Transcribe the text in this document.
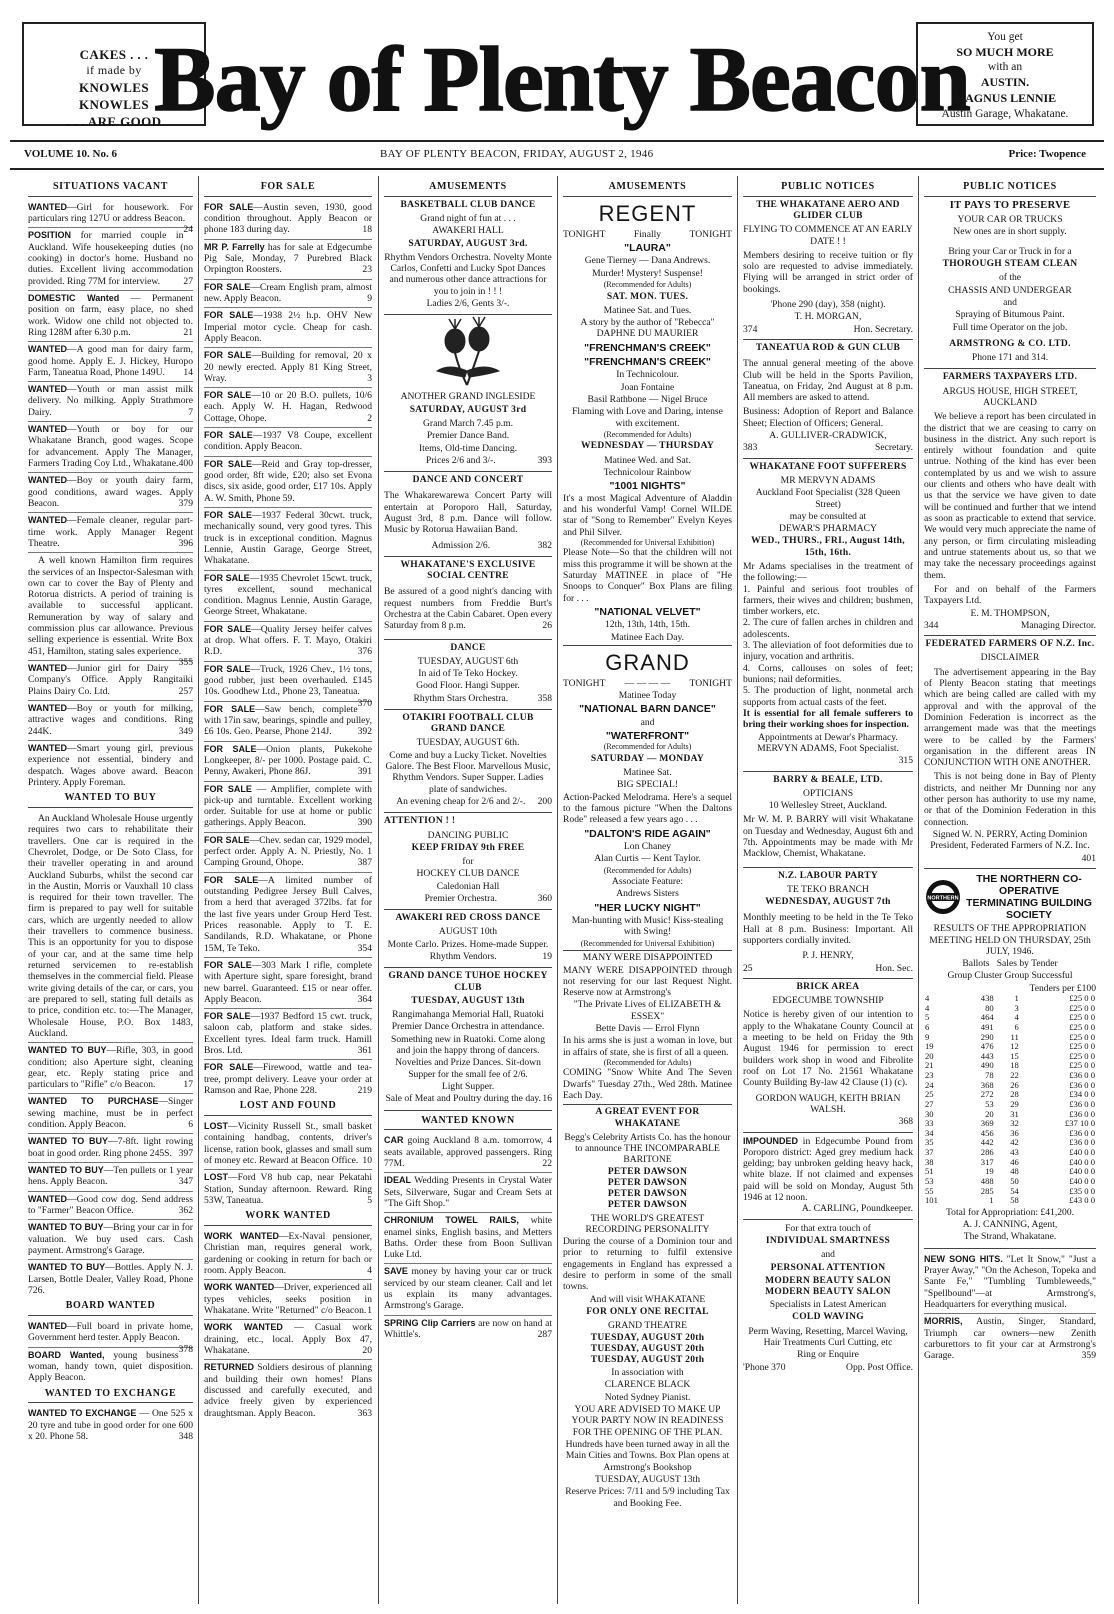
CAKES . . .
if made by
KNOWLES
KNOWLES
. . . ARE GOOD
Bay of Plenty Beacon	You get
SO MUCH MORE
with an
AUSTIN.
MAGNUS LENNIE
Austin Garage, Whakatane.
VOLUME 10. No. 6	BAY OF PLENTY BEACON, FRIDAY, AUGUST 2, 1946	Price: Twopence
SITUATIONS VACANT
WANTED—Girl for housework. For particulars ring 127U or address Beacon.
24
POSITION for married couple in Auckland. Wife housekeeping duties (no cooking) in doctor's home. Husband no duties. Excellent living accommodation provided. Ring 77M for interview. 27
DOMESTIC Wanted — Permanent position on farm, easy place, no shed work. Widow one child not objected to. Ring 128M after 6.30 p.m.	21
WANTED—A good man for dairy farm, good home. Apply E. J. Hickey, Huropo Farm, Taneatua Road, Phone 149U. 14
WANTED—Youth or man assist milk delivery. No milking. Apply Strathmore Dairy.	7
WANTED—Youth or boy for our Whakatane Branch, good wages. Scope for advancement. Apply The Manager, Farmers Trading Coy Ltd., Whakatane. 400
WANTED—Boy or youth dairy farm, good conditions, award wages. Apply Beacon.	379
WANTED—Female cleaner, regular part-time work. Apply Manager Regent Theatre.	396
A well known Hamilton firm requires the services of an Inspector-Salesman with own car to cover the Bay of Plenty and Rotorua districts. A period of training is available to successful applicant. Remuneration by way of salary and commission plus car allowance. Previous selling experience is essential. Write Box 451, Hamilton, stating sales experience.
355
WANTED—Junior girl for Dairy Company's Office. Apply Rangitaiki Plains Dairy Co. Ltd.	257
WANTED—Boy or youth for milking, attractive wages and conditions. Ring 244K.	349
WANTED—Smart young girl, previous experience not essential, bindery and despatch. Wages above award. Beacon Printery. Apply Foreman.
WANTED TO BUY
An Auckland Wholesale House urgently requires two cars to rehabilitate their travellers. One car is required in the Chevrolet, Dodge, or De Soto Class, for their traveller operating in and around Auckland Suburbs, whilst the second car in the Austin, Morris or Vauxhall 10 class is required for their town traveller. The firm is prepared to pay well for suitable cars, which are urgently needed to allow their travellers to commence business. This is an opportunity for you to dispose of your car, and at the same time help returned servicemen to re-establish themselves in the commercial field. Please write giving details of the car, or cars, you are prepared to sell, stating full details as to price, condition etc. to:—The Manager, Wholesale House, P.O. Box 1483, Auckland.
WANTED TO BUY—Rifle, 303, in good condition; also Aperture sight, cleaning gear, etc. Reply stating price and particulars to "Rifle" c/o Beacon.	17
WANTED TO PURCHASE—Singer sewing machine, must be in perfect condition. Apply Beacon.	6
WANTED TO BUY—7-8ft. light rowing boat in good order. Ring phone 245S. 397
WANTED TO BUY—Ten pullets or 1 year hens. Apply Beacon.	347
WANTED—Good cow dog. Send address to "Farmer" Beacon Office.	362
WANTED TO BUY—Bring your car in for valuation. We buy used cars. Cash payment. Armstrong's Garage.
WANTED TO BUY—Bottles. Apply N. J. Larsen, Bottle Dealer, Valley Road, Phone 726.
BOARD WANTED
WANTED—Full board in private home, Government herd tester. Apply Beacon.
378
BOARD Wanted, young business woman, handy town, quiet disposition. Apply Beacon.
WANTED TO EXCHANGE
WANTED TO EXCHANGE — One 525 x 20 tyre and tube in good order for one 600 x 20. Phone 58.	348
FOR SALE
FOR SALE—Austin seven, 1930, good condition throughout. Apply Beacon or phone 183 during day.	18
MR P. Farrelly has for sale at Edgecumbe Pig Sale, Monday, 7 Purebred Black Orpington Roosters.	23
FOR SALE—Cream English pram, almost new. Apply Beacon.	9
FOR SALE—1938 2½ h.p. OHV New Imperial motor cycle. Cheap for cash. Apply Beacon.
FOR SALE—Building for removal, 20 x 20 newly erected. Apply 81 King Street, Wray.	3
FOR SALE—10 or 20 B.O. pullets, 10/6 each. Apply W. H. Hagan, Redwood Cottage, Ohope.	2
FOR SALE—1937 V8 Coupe, excellent condition. Apply Beacon.
FOR SALE—Reid and Gray top-dresser, good order, 8ft wide, £20; also set Evona discs, six aside, good order, £17 10s. Apply A. W. Smith, Phone 59.
FOR SALE—1937 Federal 30cwt. truck, mechanically sound, very good tyres. This truck is in exceptional condition. Magnus Lennie, Austin Garage, George Street, Whakatane.
FOR SALE—1935 Chevrolet 15cwt. truck, tyres excellent, sound mechanical condition. Magnus Lennie, Austin Garage, George Street, Whakatane.
FOR SALE—Quality Jersey heifer calves at drop. What offers. F. T. Mayo, Otakiri R.D.	376
FOR SALE—Truck, 1926 Chev., 1½ tons, good rubber, just been overhauled. £145 10s. Goodhew Ltd., Phone 23, Taneatua.
370
FOR SALE—Saw bench, complete with 17in saw, bearings, spindle and pulley, £6 10s. Geo. Pearse, Phone 214J.	392
FOR SALE—Onion plants, Pukekohe Longkeeper, 8/- per 1000. Postage paid. C. Penny, Awakeri, Phone 86J.	391
FOR SALE — Amplifier, complete with pick-up and turntable. Excellent working order. Suitable for use at home or public gatherings. Apply Beacon.	390
FOR SALE—Chev. sedan car, 1929 model, perfect order. Apply A. N. Priestly, No. 1 Camping Ground, Ohope.	387
FOR SALE—A limited number of outstanding Pedigree Jersey Bull Calves, from a herd that averaged 372lbs. fat for the last five years under Group Herd Test. Prices reasonable. Apply to T. E. Sandilands, R.D. Whakatane, or Phone 15M, Te Teko.	354
FOR SALE—303 Mark I rifle, complete with Aperture sight, spare foresight, brand new barrel. Guaranteed. £15 or near offer. Apply Beacon.	364
FOR SALE—1937 Bedford 15 cwt. truck, saloon cab, platform and stake sides. Excellent tyres. Ideal farm truck. Hamill Bros. Ltd.	361
FOR SALE—Firewood, wattle and tea-tree, prompt delivery. Leave your order at Ramson and Rae, Phone 228.	219
LOST AND FOUND
LOST—Vicinity Russell St., small basket containing handbag, contents, driver's license, ration book, glasses and small sum of money etc. Reward at Beacon Office. 10
LOST—Ford V8 hub cap, near Pekatahi Station, Sunday afternoon. Reward. Ring 53W, Taneatua.	5
WORK WANTED
WORK WANTED—Ex-Naval pensioner, Christian man, requires general work, gardening or cooking in return for bach or room. Apply Beacon.	4
WORK WANTED—Driver, experienced all types vehicles, seeks position in Whakatane. Write "Returned" c/o Beacon. 1
WORK WANTED — Casual work draining, etc., local. Apply Box 47, Whakatane.	20
RETURNED Soldiers desirous of planning and building their own homes! Plans discussed and carefully executed, and advice freely given by experienced draughtsman. Apply Beacon.	363
AMUSEMENTS
BASKETBALL CLUB DANCE
Grand night of fun at . . .
AWAKERI HALL
SATURDAY, AUGUST 3rd.
Rhythm Vendors Orchestra. Novelty Monte Carlos, Confetti and Lucky Spot Dances and numerous other dance attractions for you to join in ! ! !
Ladies 2/6, Gents 3/-.
ANOTHER GRAND INGLESIDE
SATURDAY, AUGUST 3rd
Grand March 7.45 p.m.
Premier Dance Band.
Items, Old-time Dancing.
Prices 2/6 and 3/-.	393
DANCE AND CONCERT
The Whakarewarewa Concert Party will entertain at Poroporo Hall, Saturday, August 3rd, 8 p.m. Dance will follow. Music by Rotorua Hawaiian Band.
Admission 2/6.	382
WHAKATANE'S EXCLUSIVE SOCIAL CENTRE
Be assured of a good night's dancing with request numbers from Freddie Burt's Orchestra at the Cabin Cabaret. Open every Saturday from 8 p.m.	26
DANCE
TUESDAY, AUGUST 6th
In aid of Te Teko Hockey.
Good Floor. Hangi Supper.
Rhythm Stars Orchestra.	358
OTAKIRI FOOTBALL CLUB GRAND DANCE
TUESDAY, AUGUST 6th.
Come and buy a Lucky Ticket. Novelties Galore. The Best Floor. Marvellous Music, Rhythm Vendors. Super Supper. Ladies plate of sandwiches.
An evening cheap for 2/6 and 2/-. 200
ATTENTION ! !
DANCING PUBLIC
KEEP FRIDAY 9th FREE
for
HOCKEY CLUB DANCE
Caledonian Hall
Premier Orchestra.	360
AWAKERI RED CROSS DANCE
AUGUST 10th
Monte Carlo. Prizes. Home-made Supper.
Rhythm Vendors.	19
GRAND DANCE TUHOE HOCKEY CLUB
TUESDAY, AUGUST 13th
Rangimahanga Memorial Hall, Ruatoki
Premier Dance Orchestra in attendance.
Something new in Ruatoki. Come along and join the happy throng of dancers.
Novelties and Prize Dances. Sit-down Supper for the small fee of 2/6.
Light Supper.
Sale of Meat and Poultry during the day. 16
WANTED KNOWN
CAR going Auckland 8 a.m. tomorrow, 4 seats available, approved passengers. Ring 77M.	22
IDEAL Wedding Presents in Crystal Water Sets, Silverware, Sugar and Cream Sets at "The Gift Shop."
CHRONIUM TOWEL RAILS, white enamel sinks, English basins, and Metters Baths. Order these from Boon Sullivan Luke Ltd.
SAVE money by having your car or truck serviced by our steam cleaner. Call and let us explain its many advantages. Armstrong's Garage.
SPRING Clip Carriers are now on hand at Whittle's.	287
AMUSEMENTS
REGENT
TONIGHT	Finally	TONIGHT
"LAURA"
Gene Tierney — Dana Andrews.
Murder! Mystery! Suspense!
(Recommended for Adults)
SAT. MON. TUES.
Matinee Sat. and Tues.
A story by the author of "Rebecca" DAPHNE DU MAURIER
"FRENCHMAN'S CREEK"
"FRENCHMAN'S CREEK"
In Technicolour.
Joan Fontaine
Basil Rathbone — Nigel Bruce
Flaming with Love and Daring, intense with excitement.
(Recommended for Adults)
WEDNESDAY — THURSDAY
Matinee Wed. and Sat.
Technicolour Rainbow
"1001 NIGHTS"
It's a most Magical Adventure of Aladdin and his wonderful Vamp! Cornel WILDE star of "Song to Remember" Evelyn Keyes and Phil Silver.
(Recommended for Universal Exhibition)
Please Note—So that the children will not miss this programme it will be shown at the Saturday MATINEE in place of "He Snoops to Conquer" Box Plans are filing for . . .
"NATIONAL VELVET"
12th, 13th, 14th, 15th.
Matinee Each Day.
GRAND
TONIGHT — — — — TONIGHT
Matinee Today
"NATIONAL BARN DANCE"
and
"WATERFRONT"
(Recommended for Adults)
SATURDAY — MONDAY
Matinee Sat.
BIG SPECIAL!
Action-Packed Melodrama. Here's a sequel to the famous picture "When the Daltons Rode" released a few years ago . . .
"DALTON'S RIDE AGAIN"
Lon Chaney
Alan Curtis — Kent Taylor.
(Recommended for Adults)
Associate Feature:
Andrews Sisters
"HER LUCKY NIGHT"
Man-hunting with Music! Kiss-stealing with Swing!
(Recommended for Universal Exhibition)
MANY WERE DISAPPOINTED
MANY WERE DISAPPOINTED through not reserving for our last Request Night. Reserve now at Armstrong's
"The Private Lives of ELIZABETH & ESSEX"
Bette Davis — Errol Flynn
In his arms she is just a woman in love, but in affairs of state, she is first of all a queen.
(Recommended for Adults)
COMING "Snow White And The Seven Dwarfs" Tuesday 27th., Wed 28th. Matinee Each Day.
A GREAT EVENT FOR WHAKATANE
Begg's Celebrity Artists Co. has the honour to announce THE INCOMPARABLE BARITONE
PETER DAWSON
PETER DAWSON
PETER DAWSON
PETER DAWSON
THE WORLD'S GREATEST RECORDING PERSONALITY
During the course of a Dominion tour and prior to returning to fulfil extensive engagements in England has expressed a desire to perform in some of the small towns.
And will visit WHAKATANE
FOR ONLY ONE RECITAL
GRAND THEATRE
TUESDAY, AUGUST 20th
TUESDAY, AUGUST 20th
TUESDAY, AUGUST 20th
In association with
CLARENCE BLACK
Noted Sydney Pianist.
YOU ARE ADVISED TO MAKE UP YOUR PARTY NOW IN READINESS FOR THE OPENING OF THE PLAN.
Hundreds have been turned away in all the Main Cities and Towns. Box Plan opens at Armstrong's Bookshop
TUESDAY, AUGUST 13th
Reserve Prices: 7/11 and 5/9 including Tax and Booking Fee.
PUBLIC NOTICES
THE WHAKATANE AERO AND GLIDER CLUB
FLYING TO COMMENCE AT AN EARLY DATE ! !
Members desiring to receive tuition or fly solo are requested to advise immediately. Flying will be arranged in strict order of bookings.
'Phone 290 (day), 358 (night).
T. H. MORGAN,
374	Hon. Secretary.
TANEATUA ROD & GUN CLUB
The annual general meeting of the above Club will be held in the Sports Pavilion, Taneatua, on Friday, 2nd August at 8 p.m. All members are asked to attend.
Business: Adoption of Report and Balance Sheet; Election of Officers; General.
A. GULLIVER-CRADWICK,
383	Secretary.
WHAKATANE FOOT SUFFERERS
MR MERVYN ADAMS
Auckland Foot Specialist (328 Queen Street)
may be consulted at
DEWAR'S PHARMACY
WED., THURS., FRI., August 14th, 15th, 16th.
Mr Adams specialises in the treatment of the following:—
1. Painful and serious foot troubles of farmers, their wives and children; bushmen, timber workers, etc.
2. The cure of fallen arches in children and adolescents.
3. The alleviation of foot deformities due to injury, vocation and arthritis.
4. Corns, callouses on soles of feet; bunions; nail deformities.
5. The production of light, nonmetal arch supports from actual casts of the feet.
It is essential for all female sufferers to bring their working shoes for inspection.
Appointments at Dewar's Pharmacy. MERVYN ADAMS, Foot Specialist.
315
BARRY & BEALE, LTD.
OPTICIANS
10 Wellesley Street, Auckland.
Mr W. M. P. BARRY will visit Whakatane on Tuesday and Wednesday, August 6th and 7th. Appointments may be made with Mr Macklow, Chemist, Whakatane.
N.Z. LABOUR PARTY
TE TEKO BRANCH
WEDNESDAY, AUGUST 7th
Monthly meeting to be held in the Te Teko Hall at 8 p.m. Business: Important. All supporters cordially invited.
P. J. HENRY,
25	Hon. Sec.
BRICK AREA
EDGECUMBE TOWNSHIP
Notice is hereby given of our intention to apply to the Whakatane County Council at a meeting to be held on Friday the 9th August 1946 for permission to erect builders work shop in wood and Fibrolite roof on Lot 17 No. 21561 Whakatane County Building By-law 42 Clause (1) (c).
GORDON WAUGH, KEITH BRIAN WALSH.
368
IMPOUNDED in Edgecumbe Pound from Poroporo district: Aged grey medium hack gelding; bay unbroken gelding heavy hack, white blaze. If not claimed and expenses paid will be sold on Monday, August 5th 1946 at 12 noon.
A. CARLING, Poundkeeper.
For that extra touch of
INDIVIDUAL SMARTNESS
and
PERSONAL ATTENTION
MODERN BEAUTY SALON
MODERN BEAUTY SALON
Specialists in Latest American
COLD WAVING
Perm Waving, Resetting, Marcel Waving, Hair Treatments Curl Cutting, etc
Ring or Enquire
'Phone 370	Opp. Post Office.
PUBLIC NOTICES
IT PAYS TO PRESERVE
YOUR CAR OR TRUCKS
New ones are in short supply.
Bring your Car or Truck in for a
THOROUGH STEAM CLEAN
of the
CHASSIS AND UNDERGEAR
and
Spraying of Bitumous Paint.
Full time Operator on the job.
ARMSTRONG & CO. LTD.
Phone 171 and 314.
FARMERS TAXPAYERS LTD.
ARGUS HOUSE, HIGH STREET, AUCKLAND
We believe a report has been circulated in the district that we are ceasing to carry on business in the district. Any such report is entirely without foundation and quite untrue. Nothing of the kind has ever been contemplated by us and we wish to assure our clients and others who have dealt with us that the service we have given to date will be continued and further that we intend as soon as practicable to extend that service. We would very much appreciate the name of any person, or firm circulating misleading and untrue statements about us, so that we may take the necessary proceedings against them.
For and on behalf of the Farmers Taxpayers Ltd.
E. M. THOMPSON,
344	Managing Director.
FEDERATED FARMERS OF N.Z. Inc.
DISCLAIMER
The advertisement appearing in the Bay of Plenty Beacon stating that meetings which are being called are called with my approval and with the approval of the Dominion Federation is incorrect as the arrangement made was that the meetings were to be called by the Farmers' organisation in the different areas IN CONJUNCTION WITH ONE ANOTHER.
This is not being done in Bay of Plenty districts, and neither Mr Dunning nor any other person has authority to use my name, or that of the Dominion Federation in this connection.
Signed W. N. PERRY, Acting Dominion President, Federated Farmers of N.Z. Inc.
401
NORTHERN
THE NORTHERN CO-OPERATIVE TERMINATING BUILDING SOCIETY
RESULTS OF THE APPROPRIATION MEETING HELD ON THURSDAY, 25th JULY, 1946.
Ballots Sales by Tender
Group Cluster Group Successful
Tenders per £100
4	438	1	£25 0 0
4	80	3	£25 0 0
5	464	4	£25 0 0
6	491	6	£25 0 0
9	290	11	£25 0 0
19	476	12	£25 0 0
20	443	15	£25 0 0
21	490	18	£25 0 0
23	78	22	£36 0 0
24	368	26	£36 0 0
25	272	28	£34 0 0
27	53	29	£36 0 0
30	20	31	£36 0 0
33	369	32	£37 10 0
34	456	36	£36 0 0
35	442	42	£36 0 0
37	286	43	£40 0 0
38	317	46	£40 0 0
51	19	48	£40 0 0
53	488	50	£40 0 0
55	285	54	£35 0 0
101	1	58	£43 0 0
Total for Appropriation: £41,200.
A. J. CANNING, Agent,
The Strand, Whakatane.
NEW SONG HITS. "Let It Snow," "Just a Prayer Away," "On the Acheson, Topeka and Sante Fe," "Tumbling Tumbleweeds," "Spellbound"—at Armstrong's, Headquarters for everything musical.
MORRIS, Austin, Singer, Standard, Triumph car owners—new Zenith carburettors to fit your car at Armstrong's Garage.	359
